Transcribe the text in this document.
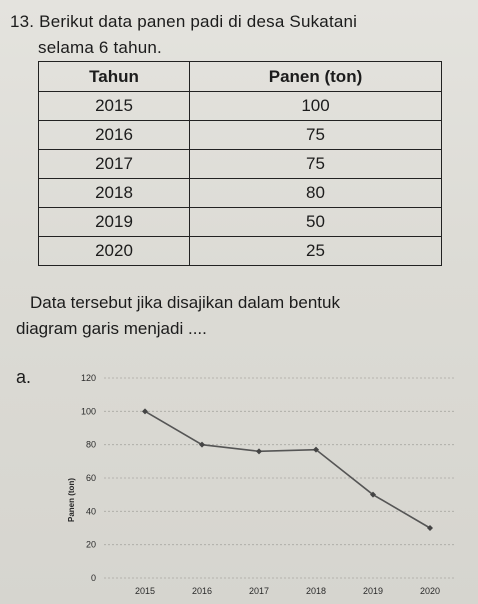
13. Berikut data panen padi di desa Sukatani
selama 6 tahun.
Tahun	Panen (ton)
2015	100
2016	75
2017	75
2018	80
2019	50
2020	25
Data tersebut jika disajikan dalam bentuk
diagram garis menjadi ....
a.
0
20
40
60
80
100
120
2015	2016	2017	2018	2019	2020
Panen (ton)
